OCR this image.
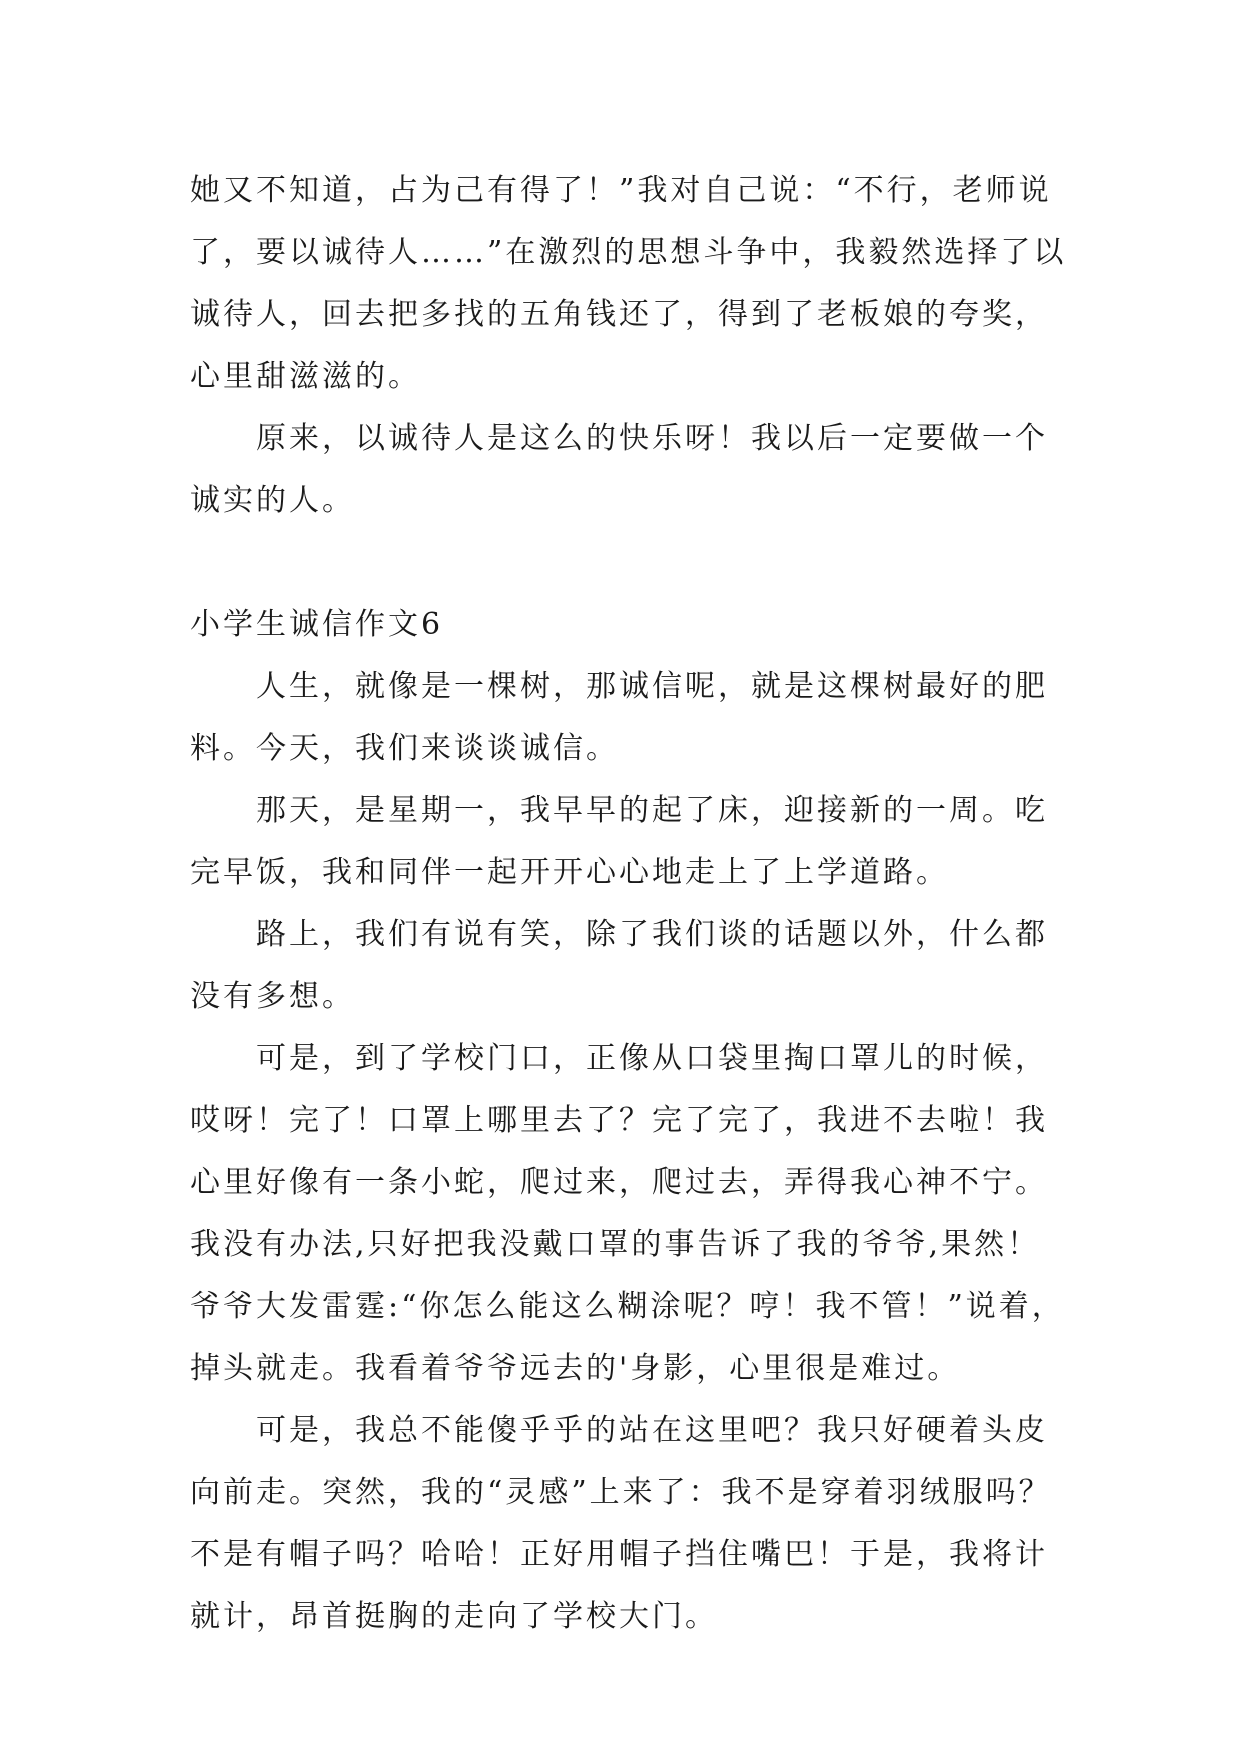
她又不知道，占为己有得了！”我对自己说：“不行，老师说了，要以诚待人……”在激烈的思想斗争中，我毅然选择了以诚待人，回去把多找的五角钱还了，得到了老板娘的夸奖，心里甜滋滋的。

原来，以诚待人是这么的快乐呀！我以后一定要做一个诚实的人。

小学生诚信作文6

人生，就像是一棵树，那诚信呢，就是这棵树最好的肥料。今天，我们来谈谈诚信。

那天，是星期一，我早早的起了床，迎接新的一周。吃完早饭，我和同伴一起开开心心地走上了上学道路。

路上，我们有说有笑，除了我们谈的话题以外，什么都没有多想。

可是，到了学校门口，正像从口袋里掏口罩儿的时候，哎呀！完了！口罩上哪里去了？完了完了，我进不去啦！我心里好像有一条小蛇，爬过来，爬过去，弄得我心神不宁。我没有办法,只好把我没戴口罩的事告诉了我的爷爷,果然！爷爷大发雷霆:“你怎么能这么糊涂呢？哼！我不管！”说着，掉头就走。我看着爷爷远去的'身影，心里很是难过。

可是，我总不能傻乎乎的站在这里吧？我只好硬着头皮向前走。突然，我的“灵感”上来了：我不是穿着羽绒服吗？不是有帽子吗？哈哈！正好用帽子挡住嘴巴！于是，我将计就计，昂首挺胸的走向了学校大门。
